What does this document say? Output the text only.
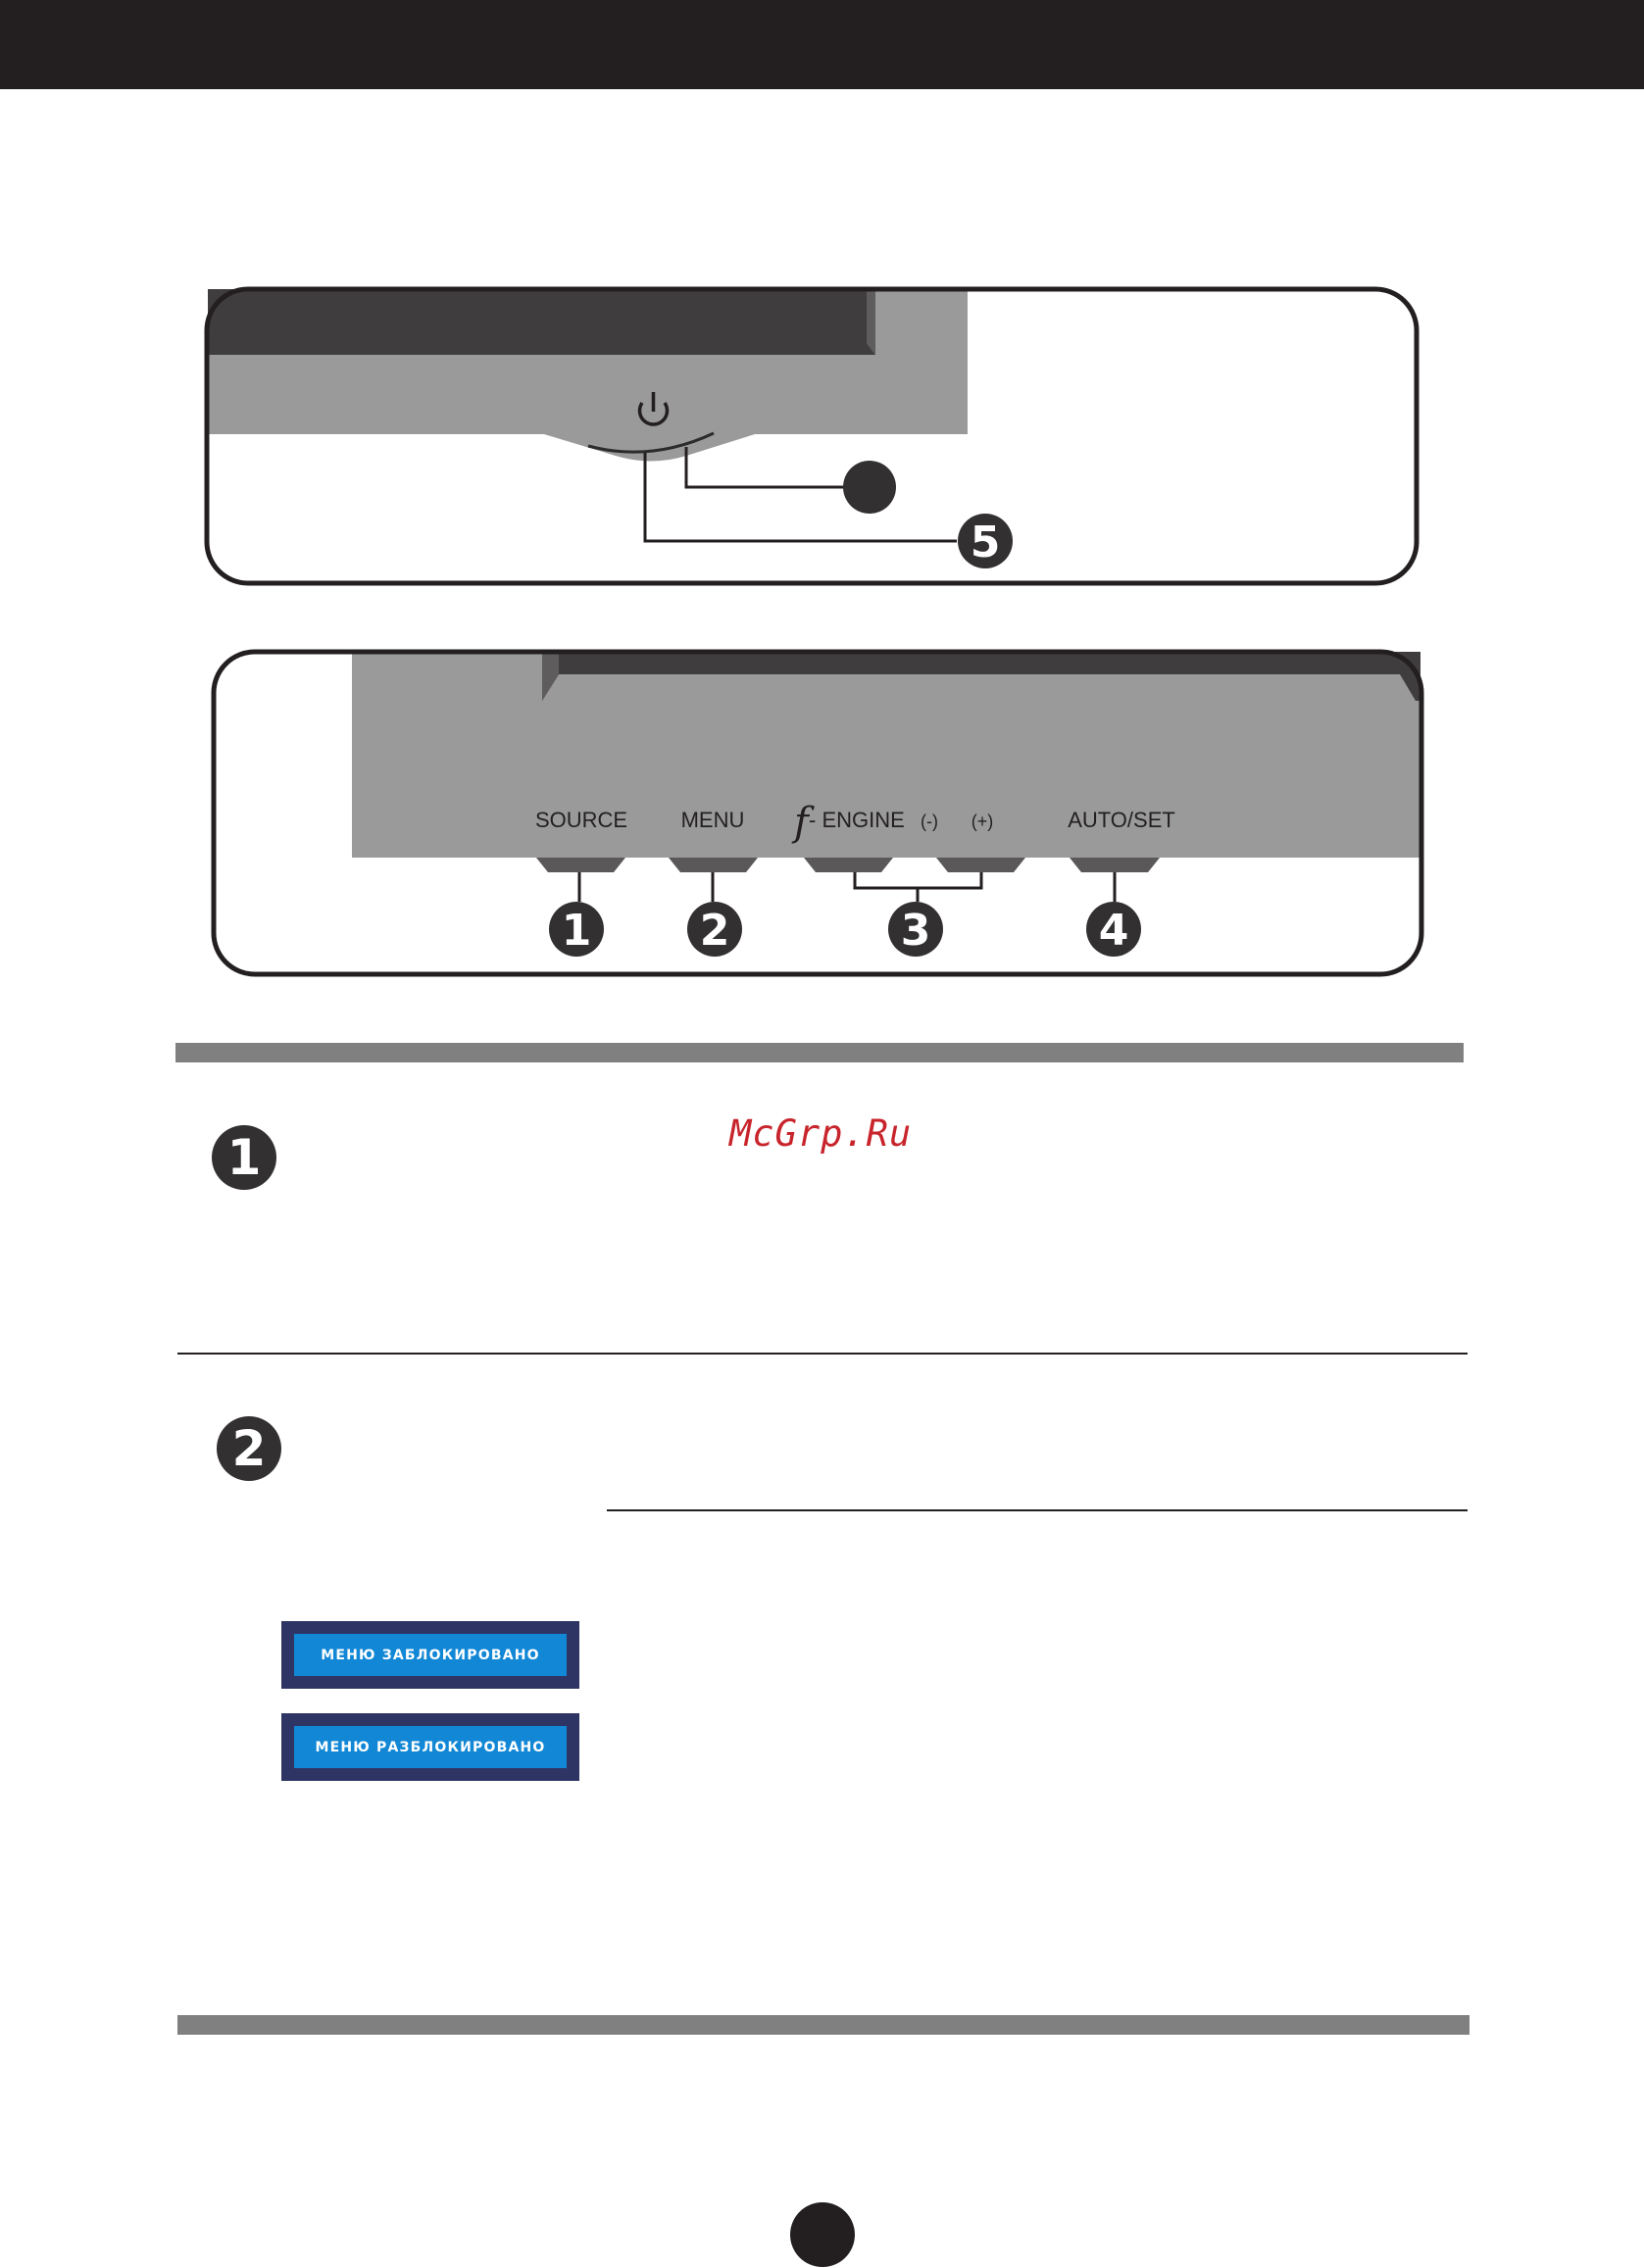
5
SOURCE MENU f - ENGINE (-) (+)	AUTO/SET
1	2	3	4
1	McGrp.Ru
2
МЕНЮ ЗАБЛОКИРОВАНО
МЕНЮ РАЗБЛОКИРОВАНО
